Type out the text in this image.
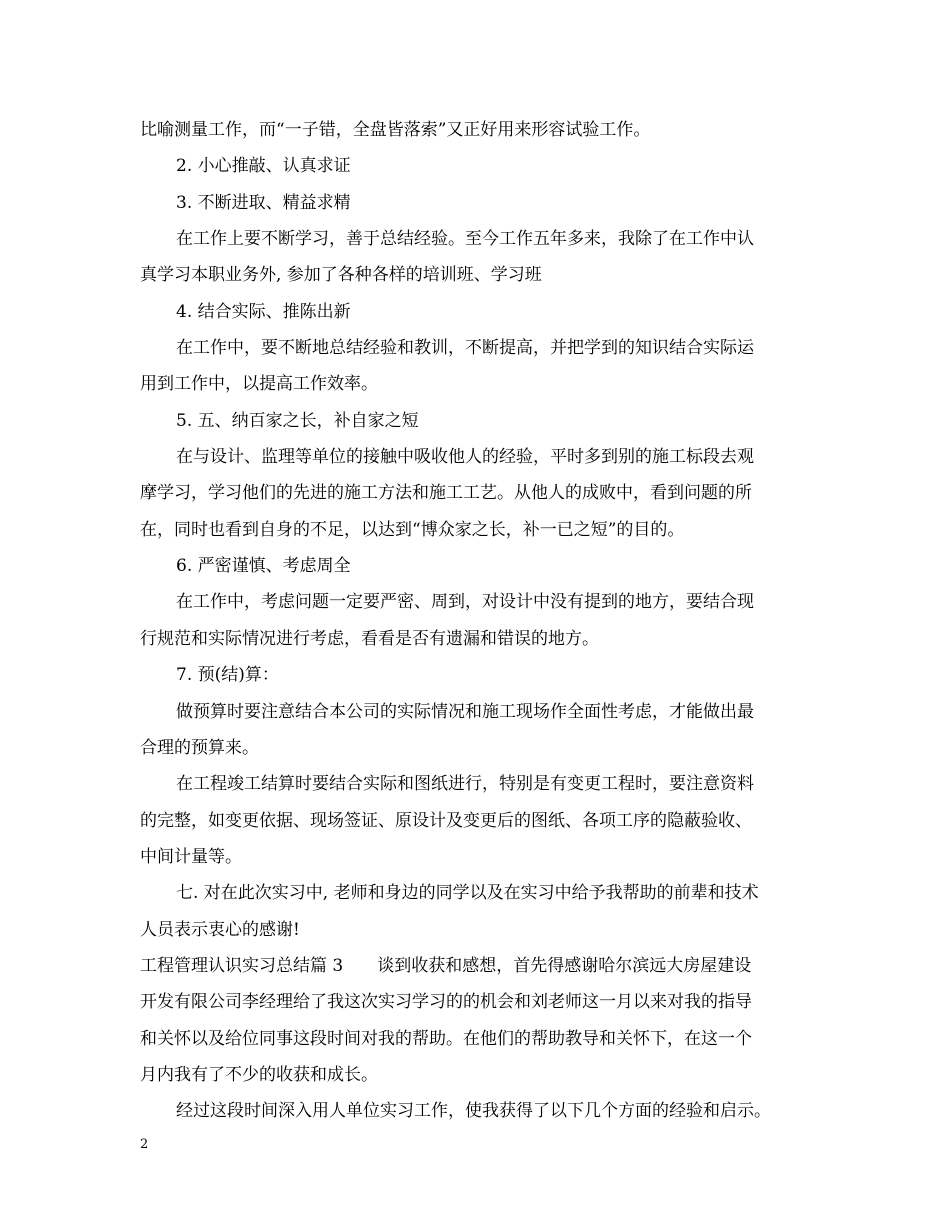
比喻测量工作，而“一子错，全盘皆落索”又正好用来形容试验工作。
2. 小心推敲、认真求证
3. 不断进取、精益求精
在工作上要不断学习，善于总结经验。至今工作五年多来，我除了在工作中认
真学习本职业务外, 参加了各种各样的培训班、学习班
4. 结合实际、推陈出新
在工作中，要不断地总结经验和教训，不断提高，并把学到的知识结合实际运
用到工作中，以提高工作效率。
5. 五、纳百家之长，补自家之短
在与设计、监理等单位的接触中吸收他人的经验，平时多到别的施工标段去观
摩学习，学习他们的先进的施工方法和施工工艺。从他人的成败中，看到问题的所
在，同时也看到自身的不足，以达到“博众家之长，补一已之短”的目的。
6. 严密谨慎、考虑周全
在工作中，考虑问题一定要严密、周到，对设计中没有提到的地方，要结合现
行规范和实际情况进行考虑，看看是否有遗漏和错误的地方。
7. 预(结)算：
做预算时要注意结合本公司的实际情况和施工现场作全面性考虑，才能做出最
合理的预算来。
在工程竣工结算时要结合实际和图纸进行，特别是有变更工程时，要注意资料
的完整，如变更依据、现场签证、原设计及变更后的图纸、各项工序的隐蔽验收、
中间计量等。
七. 对在此次实习中, 老师和身边的同学以及在实习中给予我帮助的前辈和技术
人员表示衷心的感谢!
工程管理认识实习总结篇 3　　谈到收获和感想，首先得感谢哈尔滨远大房屋建设
开发有限公司李经理给了我这次实习学习的的机会和刘老师这一月以来对我的指导
和关怀以及给位同事这段时间对我的帮助。在他们的帮助教导和关怀下，在这一个
月内我有了不少的收获和成长。
经过这段时间深入用人单位实习工作，使我获得了以下几个方面的经验和启示。
2
